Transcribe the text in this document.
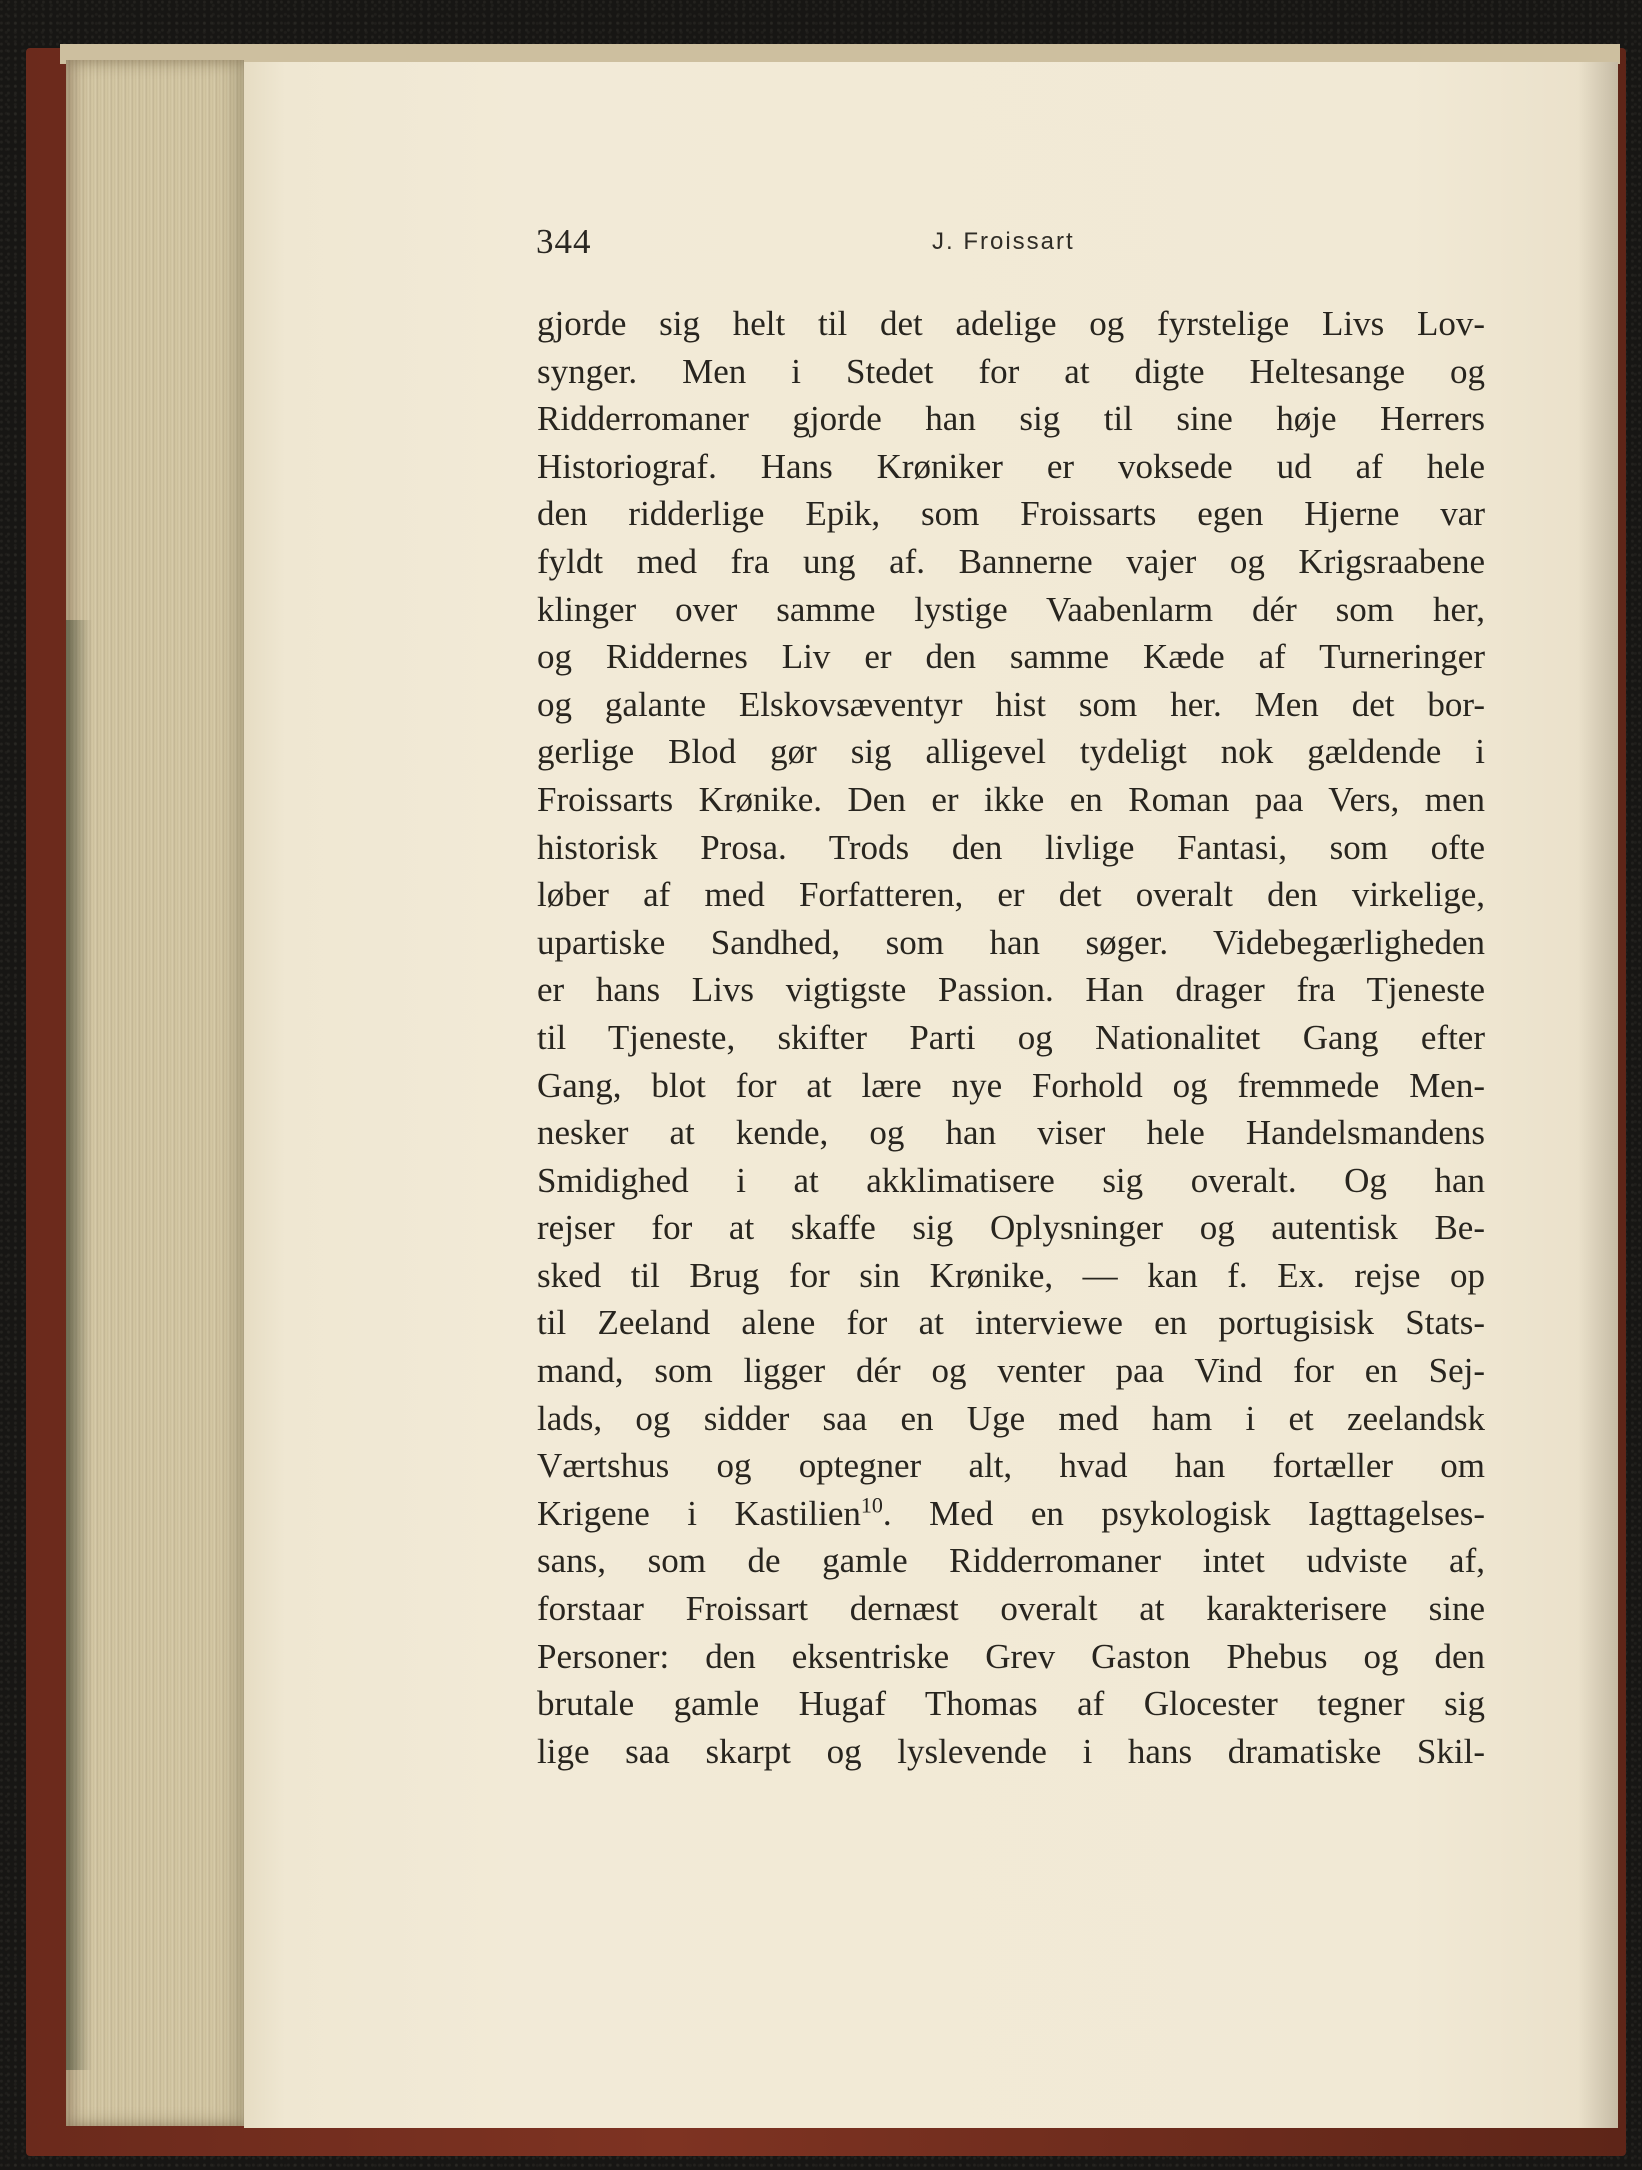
344	J. Froissart
gjorde sig helt til det adelige og fyrstelige Livs Lov-
synger. Men i Stedet for at digte Heltesange og
Ridderromaner gjorde han sig til sine høje Herrers
Historiograf. Hans Krøniker er voksede ud af hele
den ridderlige Epik, som Froissarts egen Hjerne var
fyldt med fra ung af. Bannerne vajer og Krigsraabene
klinger over samme lystige Vaabenlarm dér som her,
og Riddernes Liv er den samme Kæde af Turneringer
og galante Elskovsæventyr hist som her. Men det bor-
gerlige Blod gør sig alligevel tydeligt nok gældende i
Froissarts Krønike. Den er ikke en Roman paa Vers, men
historisk Prosa. Trods den livlige Fantasi, som ofte
løber af med Forfatteren, er det overalt den virkelige,
upartiske Sandhed, som han søger. Videbegærligheden
er hans Livs vigtigste Passion. Han drager fra Tjeneste
til Tjeneste, skifter Parti og Nationalitet Gang efter
Gang, blot for at lære nye Forhold og fremmede Men-
nesker at kende, og han viser hele Handelsmandens
Smidighed i at akklimatisere sig overalt. Og han
rejser for at skaffe sig Oplysninger og autentisk Be-
sked til Brug for sin Krønike, — kan f. Ex. rejse op
til Zeeland alene for at interviewe en portugisisk Stats-
mand, som ligger dér og venter paa Vind for en Sej-
lads, og sidder saa en Uge med ham i et zeelandsk
Værtshus og optegner alt, hvad han fortæller om
Krigene i Kastilien$^{10}$. Med en psykologisk Iagttagelses-
sans, som de gamle Ridderromaner intet udviste af,
forstaar Froissart dernæst overalt at karakterisere sine
Personer: den eksentriske Grev Gaston Phebus og den
brutale gamle Hugaf Thomas af Glocester tegner sig
lige saa skarpt og lyslevende i hans dramatiske Skil-
